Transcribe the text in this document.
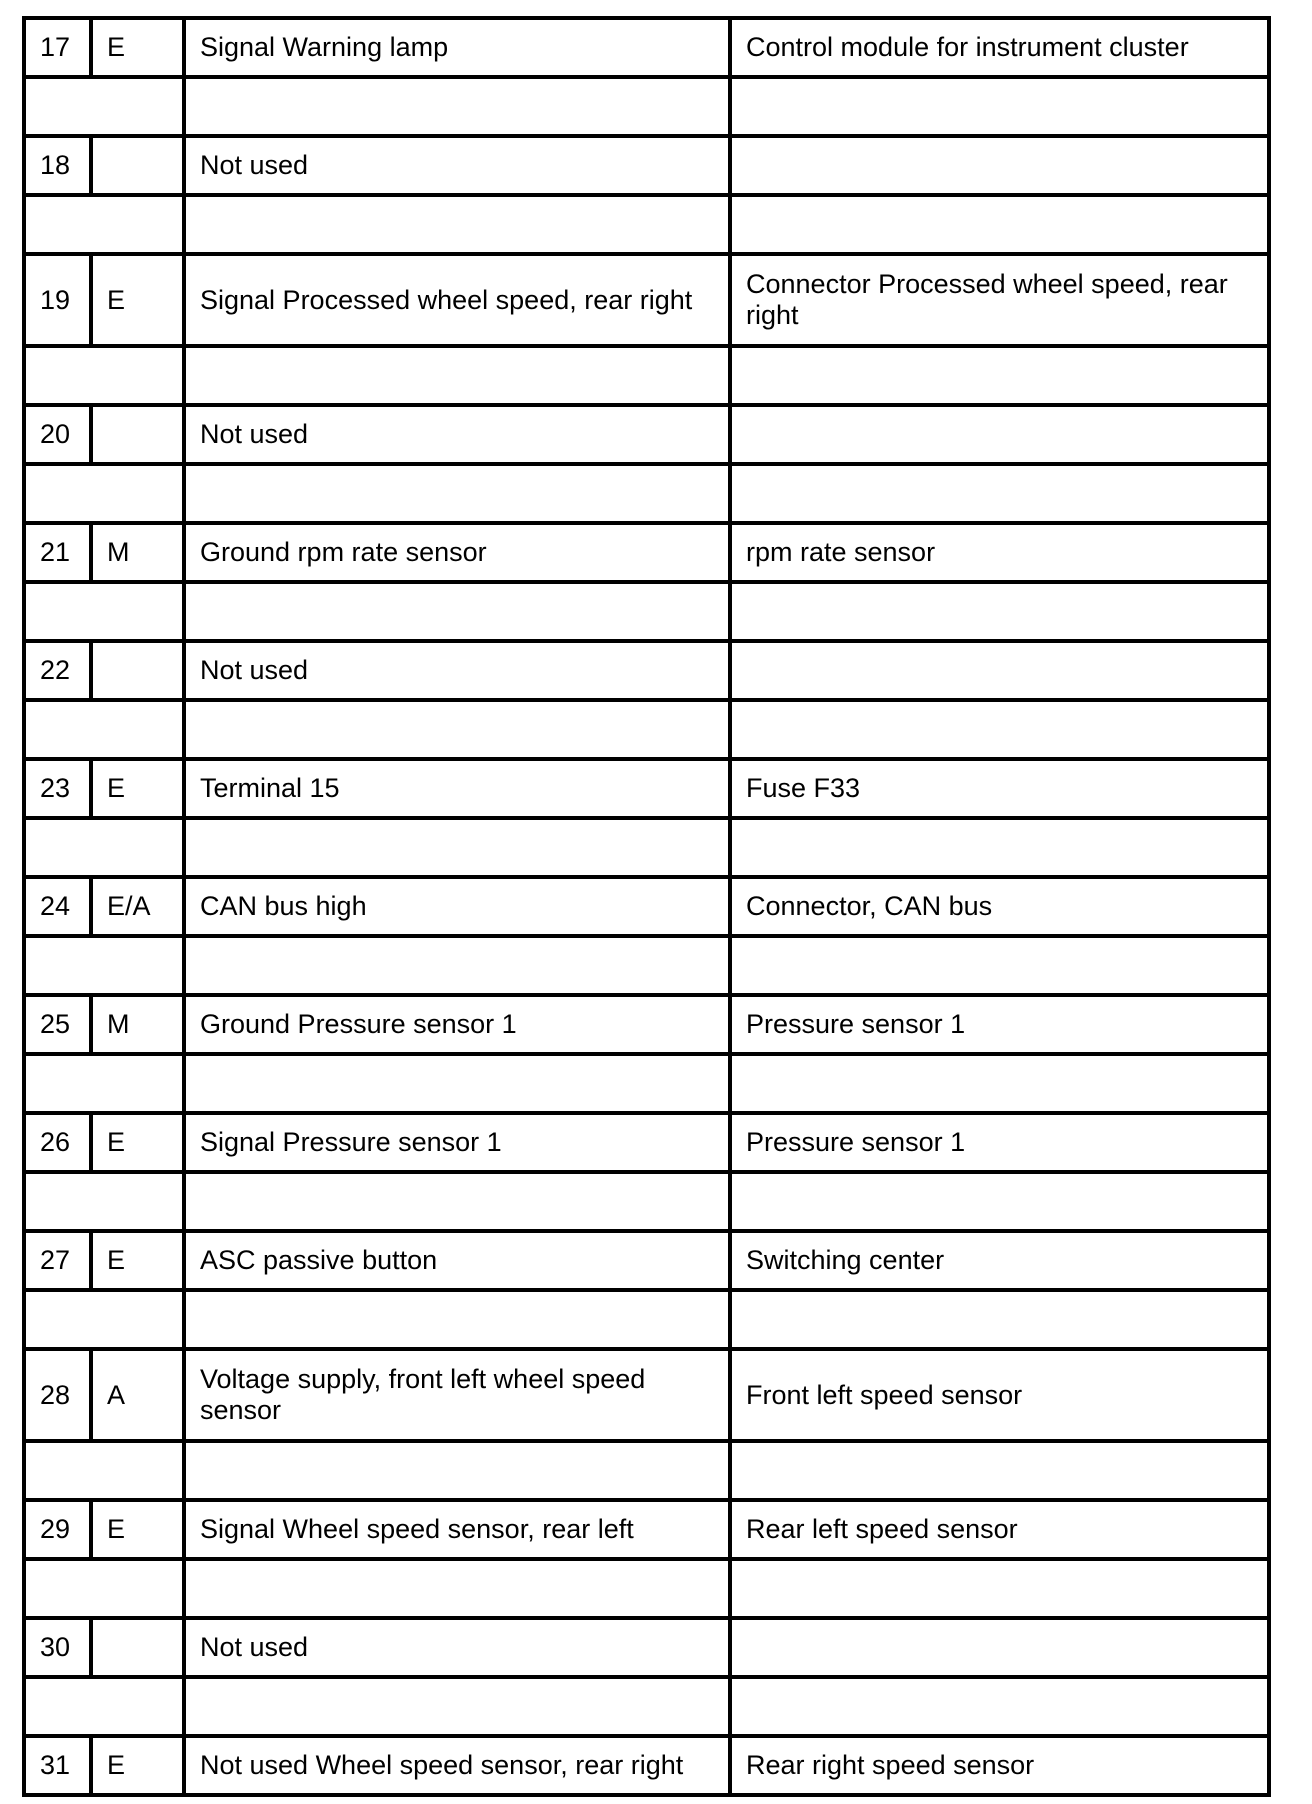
17	E	Signal Warning lamp	Control module for instrument cluster

18		Not used	

19	E	Signal Processed wheel speed, rear right	Connector Processed wheel speed, rear right

20		Not used	

21	M	Ground rpm rate sensor	rpm rate sensor

22		Not used	

23	E	Terminal 15	Fuse F33

24	E/A	CAN bus high	Connector, CAN bus

25	M	Ground Pressure sensor 1	Pressure sensor 1

26	E	Signal Pressure sensor 1	Pressure sensor 1

27	E	ASC passive button	Switching center

28	A	Voltage supply, front left wheel speed sensor	Front left speed sensor

29	E	Signal Wheel speed sensor, rear left	Rear left speed sensor

30		Not used	

31	E	Not used Wheel speed sensor, rear right	Rear right speed sensor
